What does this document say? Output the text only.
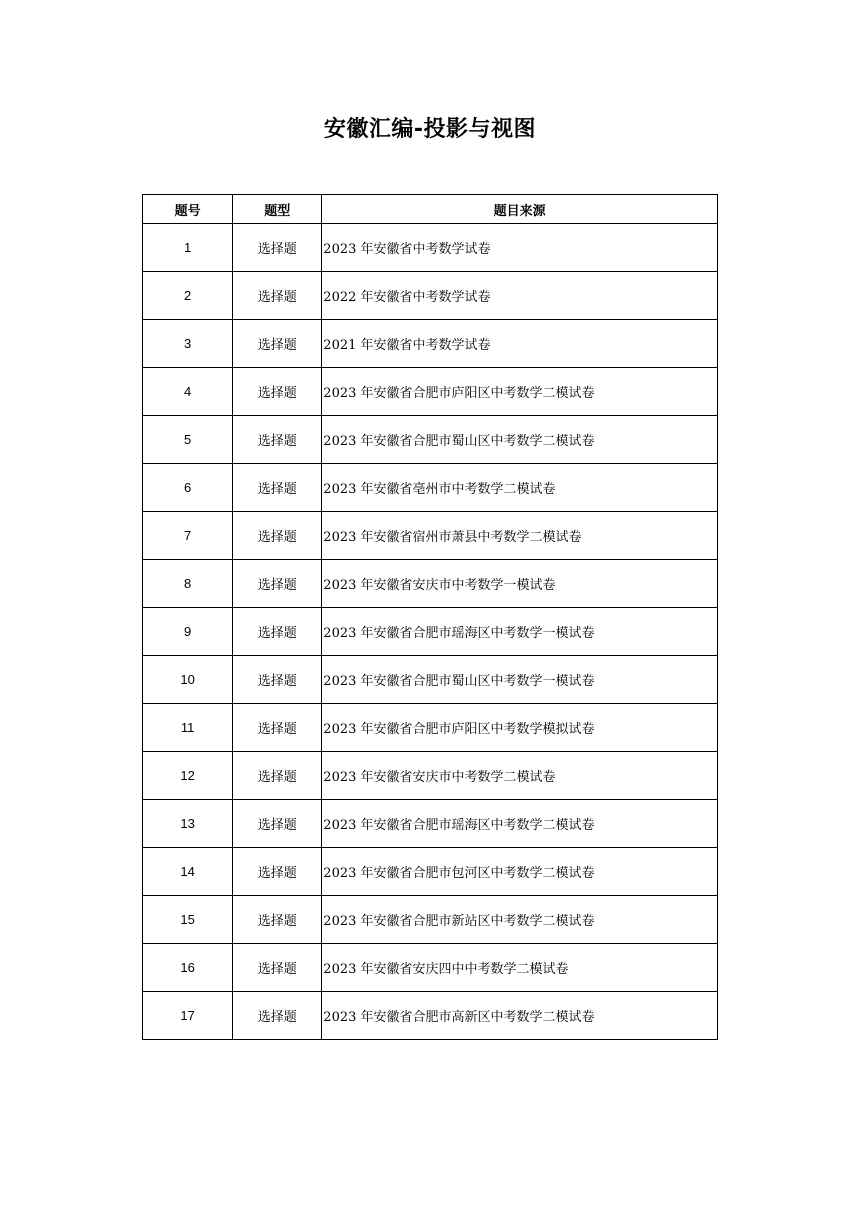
安徽汇编-投影与视图
题号	题型	题目来源
1	选择题	2023 年安徽省中考数学试卷
2	选择题	2022 年安徽省中考数学试卷
3	选择题	2021 年安徽省中考数学试卷
4	选择题	2023 年安徽省合肥市庐阳区中考数学二模试卷
5	选择题	2023 年安徽省合肥市蜀山区中考数学二模试卷
6	选择题	2023 年安徽省亳州市中考数学二模试卷
7	选择题	2023 年安徽省宿州市萧县中考数学二模试卷
8	选择题	2023 年安徽省安庆市中考数学一模试卷
9	选择题	2023 年安徽省合肥市瑶海区中考数学一模试卷
10	选择题	2023 年安徽省合肥市蜀山区中考数学一模试卷
11	选择题	2023 年安徽省合肥市庐阳区中考数学模拟试卷
12	选择题	2023 年安徽省安庆市中考数学二模试卷
13	选择题	2023 年安徽省合肥市瑶海区中考数学二模试卷
14	选择题	2023 年安徽省合肥市包河区中考数学二模试卷
15	选择题	2023 年安徽省合肥市新站区中考数学二模试卷
16	选择题	2023 年安徽省安庆四中中考数学二模试卷
17	选择题	2023 年安徽省合肥市高新区中考数学二模试卷
